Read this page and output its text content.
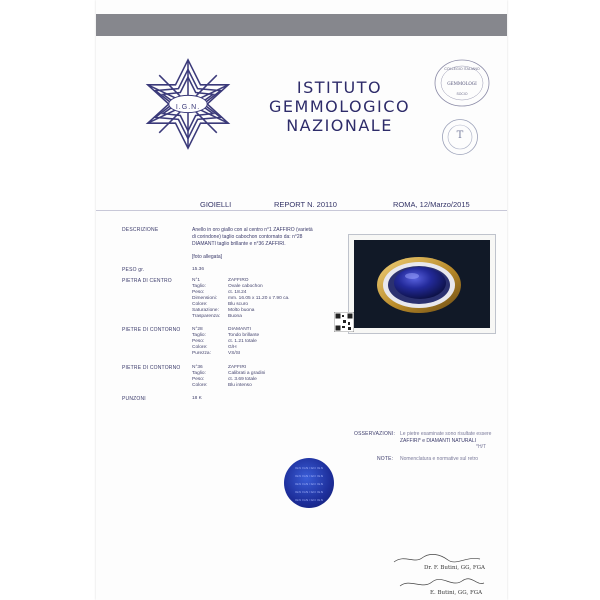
I.G.N.
ISTITUTO
GEMMOLOGICO
NAZIONALE
COLLEGIO ITALIANO
GEMMOLOGI
SOCIO
T
GIOIELLI	REPORT N. 20110	ROMA, 12/Marzo/2015
DESCRIZIONE	Anello in oro giallo con al centro n°1 ZAFFIRO (varietà
di corindone) taglio cabochon contornato da: n°28
DIAMANTI taglio brillante e n°36 ZAFFIRI.
[foto allegata]
PESO gr.	15.36
PIETRA DI CENTRO	N°1	ZAFFIRO
Taglio:	Ovale cabochon
Peso:	ct. 18.24
Dimensioni: mm. 16.05 x 11.20 x 7.90 ca.
Colore:	Blu scuro
Saturazione: Molto buona
Trasparenza: Buona
PIETRE DI CONTORNO N°28	DIAMANTI
Taglio:	Tondo brillante
Peso:	ct. 1.21 totale
Colore:	G/H
Purezza:	VS/SI
PIETRE DI CONTORNO N°36	ZAFFIRI
Taglio:	Calibrati a gradini
Peso:	ct. 3.69 totale
Colore:	Blu intenso
PUNZONI	18 K
OSSERVAZIONI: Le pietre esaminate sono risultate essere
ZAFFIRI* e DIAMANTI NATURALI
*H/T
NOTE: Nomenclatura e normative sul retro
IGN IGN IGN IGN
IGN IGN IGN IGN
IGN IGN IGN IGN
IGN IGN IGN IGN
IGN IGN IGN IGN
Dr. F. Butini, GG, FGA
E. Butini, GG, FGA
